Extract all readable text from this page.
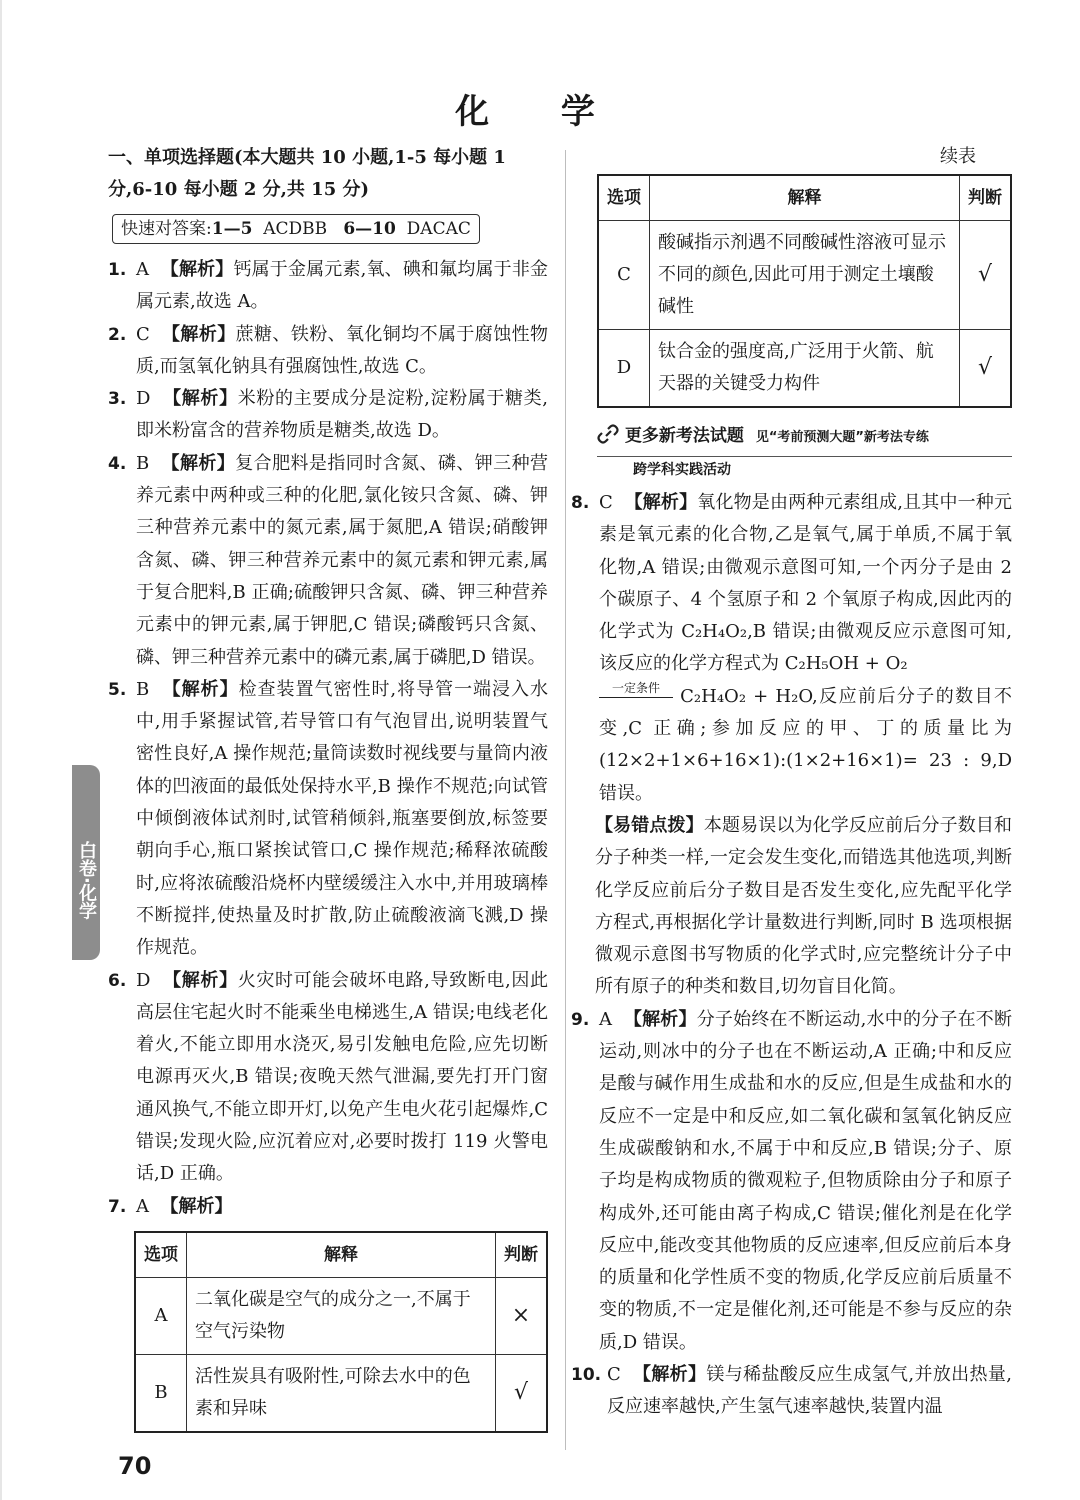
化 学
一、单项选择题(本大题共 10 小题,1-5 每小题 1 分,6-10 每小题 2 分,共 15 分)
快速对答案:1—5 ACDBB 6—10 DACAC
1. A 【解析】钙属于金属元素,氧、碘和氟均属于非金属元素,故选 A。
2. C 【解析】蔗糖、铁粉、氧化铜均不属于腐蚀性物质,而氢氧化钠具有强腐蚀性,故选 C。
3. D 【解析】米粉的主要成分是淀粉,淀粉属于糖类,即米粉富含的营养物质是糖类,故选 D。
4. B 【解析】复合肥料是指同时含氮、磷、钾三种营养元素中两种或三种的化肥,氯化铵只含氮、磷、钾三种营养元素中的氮元素,属于氮肥,A 错误;硝酸钾含氮、磷、钾三种营养元素中的氮元素和钾元素,属于复合肥料,B 正确;硫酸钾只含氮、磷、钾三种营养元素中的钾元素,属于钾肥,C 错误;磷酸钙只含氮、磷、钾三种营养元素中的磷元素,属于磷肥,D 错误。
5. B 【解析】检查装置气密性时,将导管一端浸入水中,用手紧握试管,若导管口有气泡冒出,说明装置气密性良好,A 操作规范;量筒读数时视线要与量筒内液体的凹液面的最低处保持水平,B 操作不规范;向试管中倾倒液体试剂时,试管稍倾斜,瓶塞要倒放,标签要朝向手心,瓶口紧挨试管口,C 操作规范;稀释浓硫酸时,应将浓硫酸沿烧杯内壁缓缓注入水中,并用玻璃棒不断搅拌,使热量及时扩散,防止硫酸液滴飞溅,D 操作规范。
6. D 【解析】火灾时可能会破坏电路,导致断电,因此高层住宅起火时不能乘坐电梯逃生,A 错误;电线老化着火,不能立即用水浇灭,易引发触电危险,应先切断电源再灭火,B 错误;夜晚天然气泄漏,要先打开门窗通风换气,不能立即开灯,以免产生电火花引起爆炸,C 错误;发现火险,应沉着应对,必要时拨打 119 火警电话,D 正确。
7. A 【解析】
选项	解释	判断
A	二氧化碳是空气的成分之一,不属于空气污染物	×
B	活性炭具有吸附性,可除去水中的色素和异味	√
续表
选项	解释	判断
C	酸碱指示剂遇不同酸碱性溶液可显示不同的颜色,因此可用于测定土壤酸碱性	√
D	钛合金的强度高,广泛用于火箭、航天器的关键受力构件	√
更多新考法试题 见“考前预测大题”新考法专练
跨学科实践活动
8. C 【解析】氧化物是由两种元素组成,且其中一种元素是氧元素的化合物,乙是氧气,属于单质,不属于氧化物,A 错误;由微观示意图可知,一个丙分子是由 2 个碳原子、4 个氢原子和 2 个氧原子构成,因此丙的化学式为 C₂H₄O₂,B 错误;由微观反应示意图可知,该反应的化学方程式为 C₂H₅OH + O₂

一定条件	C₂H₄O₂ + H₂O,反应前后分子的数目不变,C 正确;参加反应的甲、丁的质量比为(12×2+1×6+16×1):(1×2+16×1)= 23 : 9,D 错误。

【易错点拨】本题易误以为化学反应前后分子数目和分子种类一样,一定会发生变化,而错选其他选项,判断化学反应前后分子数目是否发生变化,应先配平化学方程式,再根据化学计量数进行判断,同时 B 选项根据微观示意图书写物质的化学式时,应完整统计分子中所有原子的种类和数目,切勿盲目化简。

9. A 【解析】分子始终在不断运动,水中的分子在不断运动,则冰中的分子也在不断运动,A 正确;中和反应是酸与碱作用生成盐和水的反应,但是生成盐和水的反应不一定是中和反应,如二氧化碳和氢氧化钠反应生成碳酸钠和水,不属于中和反应,B 错误;分子、原子均是构成物质的微观粒子,但物质除由分子和原子构成外,还可能由离子构成,C 错误;催化剂是在化学反应中,能改变其他物质的反应速率,但反应前后本身的质量和化学性质不变的物质,化学反应前后质量不变的物质,不一定是催化剂,还可能是不参与反应的杂质,D 错误。
10. C 【解析】镁与稀盐酸反应生成氢气,并放出热量,反应速率越快,产生氢气速率越快,装置内温
白卷·化学
70
